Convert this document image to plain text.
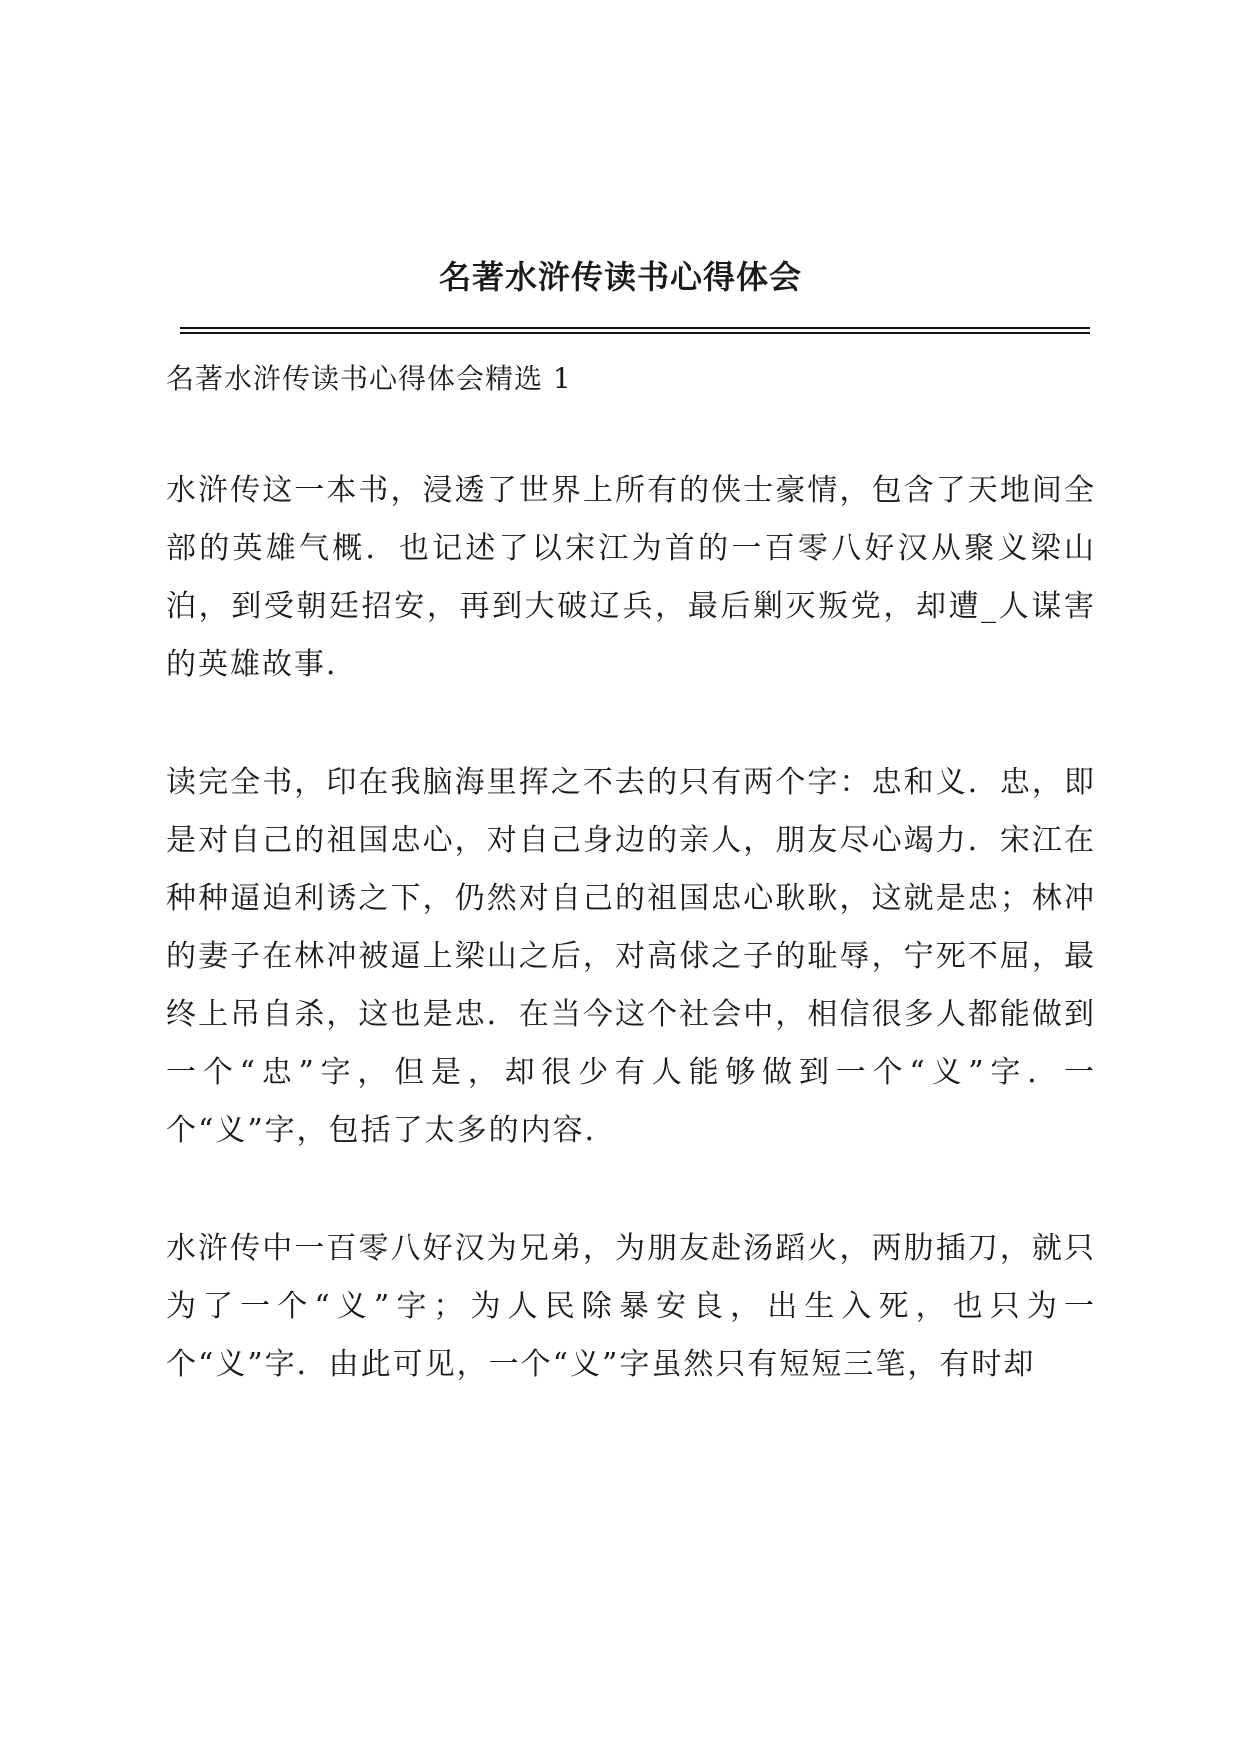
名著水浒传读书心得体会

名著水浒传读书心得体会精选 1

水浒传这一本书，浸透了世界上所有的侠士豪情，包含了天地间全部的英雄气概．也记述了以宋江为首的一百零八好汉从聚义梁山泊，到受朝廷招安，再到大破辽兵，最后剿灭叛党，却遭_人谋害的英雄故事．

读完全书，印在我脑海里挥之不去的只有两个字：忠和义．忠，即是对自己的祖国忠心，对自己身边的亲人，朋友尽心竭力．宋江在种种逼迫利诱之下，仍然对自己的祖国忠心耿耿，这就是忠；林冲的妻子在林冲被逼上梁山之后，对高俅之子的耻辱，宁死不屈，最终上吊自杀，这也是忠．在当今这个社会中，相信很多人都能做到一个“忠”字，但是，却很少有人能够做到一个“义”字．一个“义”字，包括了太多的内容．

水浒传中一百零八好汉为兄弟，为朋友赴汤蹈火，两肋插刀，就只为了一个“义”字；为人民除暴安良，出生入死，也只为一个“义”字．由此可见，一个“义”字虽然只有短短三笔，有时却
